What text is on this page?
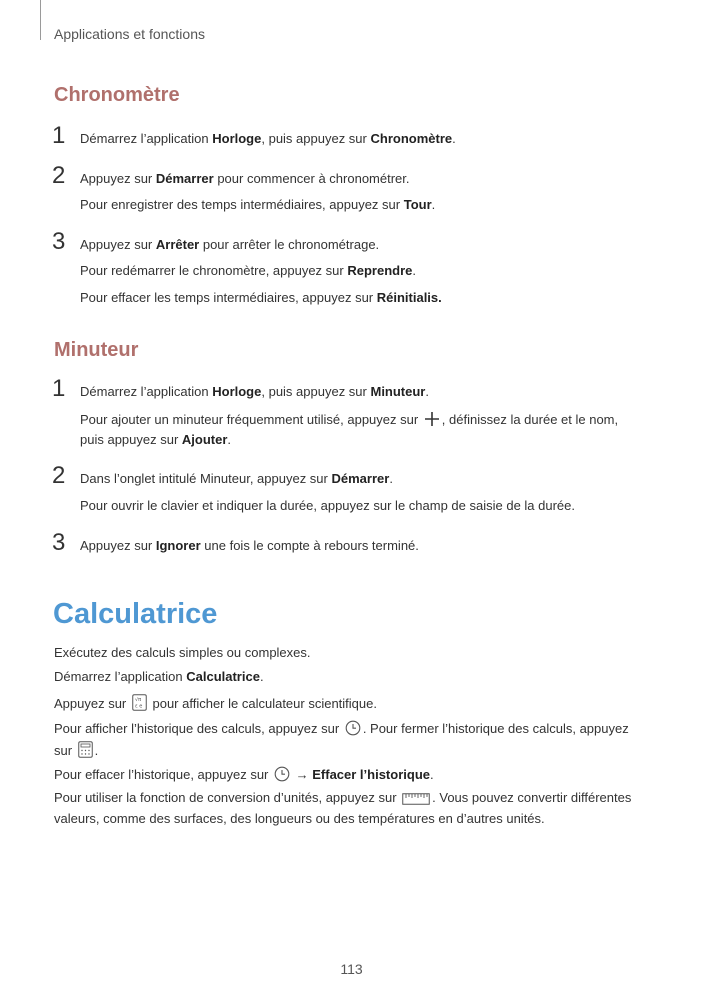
Applications et fonctions
Chronomètre
1 Démarrez l’application Horloge, puis appuyez sur Chronomètre.
2 Appuyez sur Démarrer pour commencer à chronométrer.
Pour enregistrer des temps intermédiaires, appuyez sur Tour.
3 Appuyez sur Arrêter pour arrêter le chronométrage.
Pour redémarrer le chronomètre, appuyez sur Reprendre.
Pour effacer les temps intermédiaires, appuyez sur Réinitialis.
Minuteur
1 Démarrez l’application Horloge, puis appuyez sur Minuteur.
Pour ajouter un minuteur fréquemment utilisé, appuyez sur , définissez la durée et le nom,
puis appuyez sur Ajouter.
2 Dans l’onglet intitulé Minuteur, appuyez sur Démarrer.
Pour ouvrir le clavier et indiquer la durée, appuyez sur le champ de saisie de la durée.
3 Appuyez sur Ignorer une fois le compte à rebours terminé.
Calculatrice
Exécutez des calculs simples ou complexes.
Démarrez l’application Calculatrice.
Appuyez sur √π
ε e pour afficher le calculateur scientifique.
Pour afficher l’historique des calculs, appuyez sur . Pour fermer l’historique des calculs, appuyez
sur .
Pour effacer l’historique, appuyez sur  → Effacer l’historique.
Pour utiliser la fonction de conversion d’unités, appuyez sur . Vous pouvez convertir différentes
valeurs, comme des surfaces, des longueurs ou des températures en d’autres unités.
113
